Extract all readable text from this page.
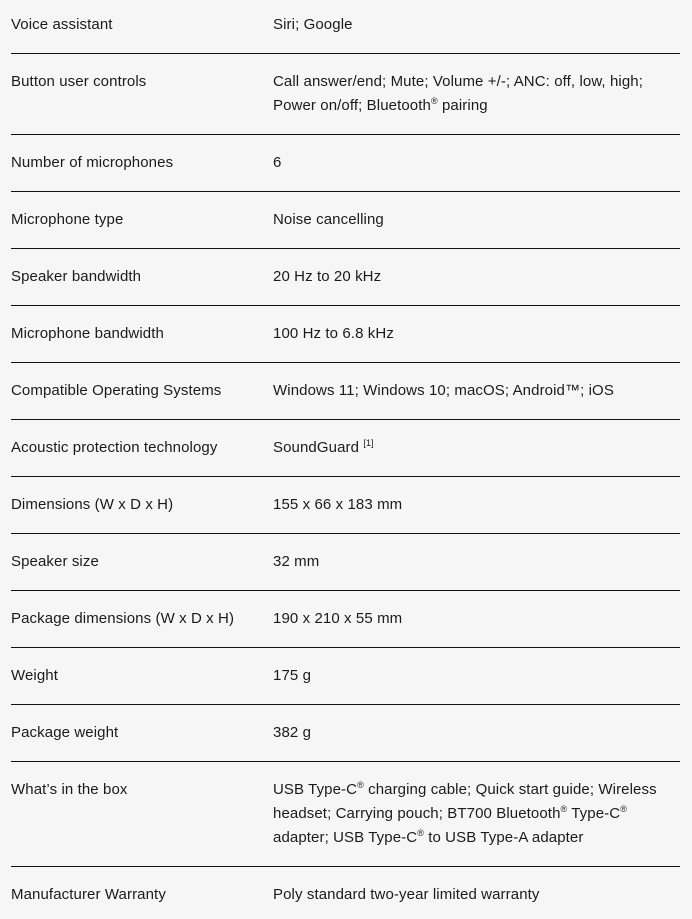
Voice assistant	Siri; Google
Button user controls	Call answer/end; Mute; Volume +/-; ANC: off, low, high; Power on/off; Bluetooth® pairing
Number of microphones	6
Microphone type	Noise cancelling
Speaker bandwidth	20 Hz to 20 kHz
Microphone bandwidth	100 Hz to 6.8 kHz
Compatible Operating Systems	Windows 11; Windows 10; macOS; Android™; iOS
Acoustic protection technology	SoundGuard [1]
Dimensions (W x D x H)	155 x 66 x 183 mm
Speaker size	32 mm
Package dimensions (W x D x H)	190 x 210 x 55 mm
Weight	175 g
Package weight	382 g
What’s in the box	USB Type-C® charging cable; Quick start guide; Wireless headset; Carrying pouch; BT700 Bluetooth® Type-C® adapter; USB Type-C® to USB Type-A adapter
Manufacturer Warranty	Poly standard two-year limited warranty
